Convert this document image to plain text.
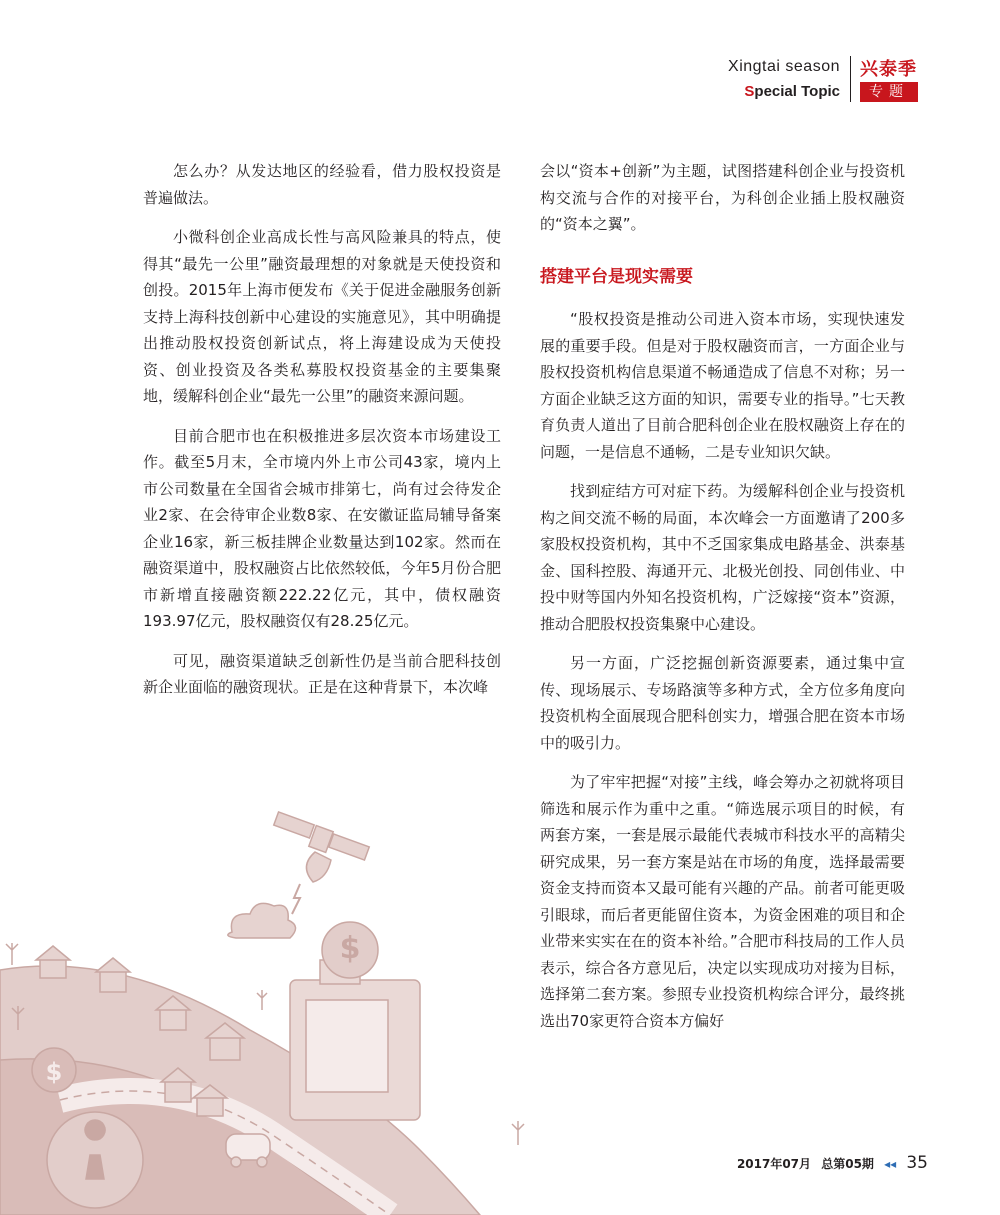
Xingtai season
Special Topic
兴泰季
专题

怎么办？从发达地区的经验看，借力股权投资是普遍做法。

小微科创企业高成长性与高风险兼具的特点，使得其“最先一公里”融资最理想的对象就是天使投资和创投。2015年上海市便发布《关于促进金融服务创新支持上海科技创新中心建设的实施意见》，其中明确提出推动股权投资创新试点，将上海建设成为天使投资、创业投资及各类私募股权投资基金的主要集聚地，缓解科创企业“最先一公里”的融资来源问题。

目前合肥市也在积极推进多层次资本市场建设工作。截至5月末，全市境内外上市公司43家，境内上市公司数量在全国省会城市排第七，尚有过会待发企业2家、在会待审企业数8家、在安徽证监局辅导备案企业16家，新三板挂牌企业数量达到102家。然而在融资渠道中，股权融资占比依然较低，今年5月份合肥市新增直接融资额222.22亿元，其中，债权融资193.97亿元，股权融资仅有28.25亿元。

可见，融资渠道缺乏创新性仍是当前合肥科技创新企业面临的融资现状。正是在这种背景下，本次峰

会以“资本+创新”为主题，试图搭建科创企业与投资机构交流与合作的对接平台，为科创企业插上股权融资的“资本之翼”。

搭建平台是现实需要

“股权投资是推动公司进入资本市场，实现快速发展的重要手段。但是对于股权融资而言，一方面企业与股权投资机构信息渠道不畅通造成了信息不对称；另一方面企业缺乏这方面的知识，需要专业的指导。”七天教育负责人道出了目前合肥科创企业在股权融资上存在的问题，一是信息不通畅，二是专业知识欠缺。

找到症结方可对症下药。为缓解科创企业与投资机构之间交流不畅的局面，本次峰会一方面邀请了200多家股权投资机构，其中不乏国家集成电路基金、洪泰基金、国科控股、海通开元、北极光创投、同创伟业、中投中财等国内外知名投资机构，广泛嫁接“资本”资源，推动合肥股权投资集聚中心建设。

另一方面，广泛挖掘创新资源要素，通过集中宣传、现场展示、专场路演等多种方式，全方位多角度向投资机构全面展现合肥科创实力，增强合肥在资本市场中的吸引力。

为了牢牢把握“对接”主线，峰会筹办之初就将项目筛选和展示作为重中之重。“筛选展示项目的时候，有两套方案，一套是展示最能代表城市科技水平的高精尖研究成果，另一套方案是站在市场的角度，选择最需要资金支持而资本又最可能有兴趣的产品。前者可能更吸引眼球，而后者更能留住资本，为资金困难的项目和企业带来实实在在的资本补给。”合肥市科技局的工作人员表示，综合各方意见后，决定以实现成功对接为目标，选择第二套方案。参照专业投资机构综合评分，最终挑选出70家更符合资本方偏好

$
$
2017年07月 总第05期 ◂◂ 35
